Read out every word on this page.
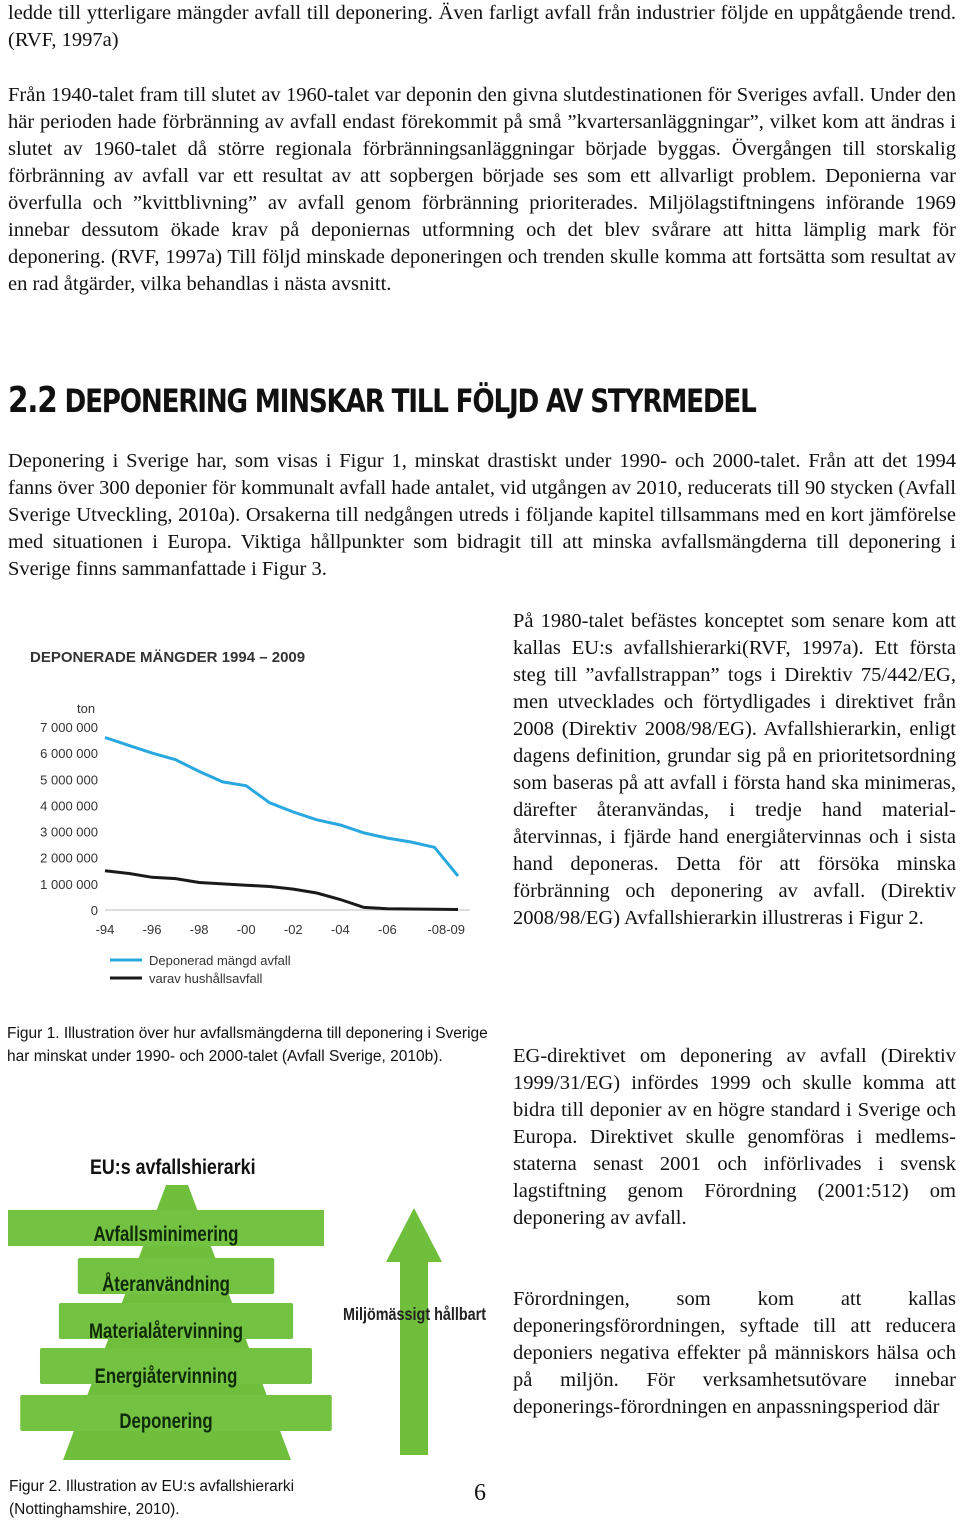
ledde till ytterligare mängder avfall till deponering. Även farligt avfall från industrier följde en uppåtgående trend. (RVF, 1997a)

Från 1940-talet fram till slutet av 1960-talet var deponin den givna slutdestinationen för Sveriges avfall. Under den här perioden hade förbränning av avfall endast förekommit på små ”kvartersanläggningar”, vilket kom att ändras i slutet av 1960-talet då större regionala förbränningsanläggningar började byggas. Övergången till storskalig förbränning av avfall var ett resultat av att sopbergen började ses som ett allvarligt problem. Deponierna var överfulla och ”kvittblivning” av avfall genom förbränning prioriterades. Miljölagstiftningens införande 1969 innebar dessutom ökade krav på deponiernas utformning och det blev svårare att hitta lämplig mark för deponering. (RVF, 1997a) Till följd minskade deponeringen och trenden skulle komma att fortsätta som resultat av en rad åtgärder, vilka behandlas i nästa avsnitt.

2.2 DEPONERING MINSKAR TILL FÖLJD AV STYRMEDEL

Deponering i Sverige har, som visas i Figur 1, minskat drastiskt under 1990- och 2000-talet. Från att det 1994 fanns över 300 deponier för kommunalt avfall hade antalet, vid utgången av 2010, reducerats till 90 stycken (Avfall Sverige Utveckling, 2010a). Orsakerna till nedgången utreds i följande kapitel tillsammans med en kort jämförelse med situationen i Europa. Viktiga hållpunkter som bidragit till att minska avfallsmängderna till deponering i Sverige finns sammanfattade i Figur 3.

På 1980-talet befästes konceptet som senare kom att kallas EU:s avfallshierarki(RVF, 1997a). Ett första steg till ”avfallstrappan” togs i Direktiv 75/442/EG, men utvecklades och förtydligades i direktivet från 2008 (Direktiv 2008/98/EG). Avfallshierarkin, enligt dagens definition, grundar sig på en prioritetsordning som baseras på att avfall i första hand ska minimeras, därefter återanvändas, i tredje hand material-återvinnas, i fjärde hand energiåtervinnas och i sista hand deponeras. Detta för att försöka minska förbränning och deponering av avfall. (Direktiv 2008/98/EG) Avfallshierarkin illustreras i Figur 2.

EG-direktivet om deponering av avfall (Direktiv 1999/31/EG) infördes 1999 och skulle komma att bidra till deponier av en högre standard i Sverige och Europa. Direktivet skulle genomföras i medlems-staterna senast 2001 och införlivades i svensk lagstiftning genom Förordning (2001:512) om deponering av avfall.

Förordningen, som kom att kallas deponeringsförordningen, syftade till att reducera deponiers negativa effekter på människors hälsa och på miljön. För verksamhetsutövare innebar deponerings-förordningen en anpassningsperiod där

DEPONERADE MÄNGDER 1994 – 2009
ton
7 000 000
6 000 000
5 000 000
4 000 000
3 000 000
2 000 000
1 000 000
0
-94 -96 -98 -00 -02 -04 -06 -08-09
Deponerad mängd avfall
varav hushållsavfall

Figur 1. Illustration över hur avfallsmängderna till deponering i Sverige har minskat under 1990- och 2000-talet (Avfall Sverige, 2010b).

EU:s avfallshierarki
Avfallsminimering
Återanvändning
Materialåtervinning
Energiåtervinning
Deponering
Miljömässigt hållbart

Figur 2. Illustration av EU:s avfallshierarki (Nottinghamshire, 2010).

6
